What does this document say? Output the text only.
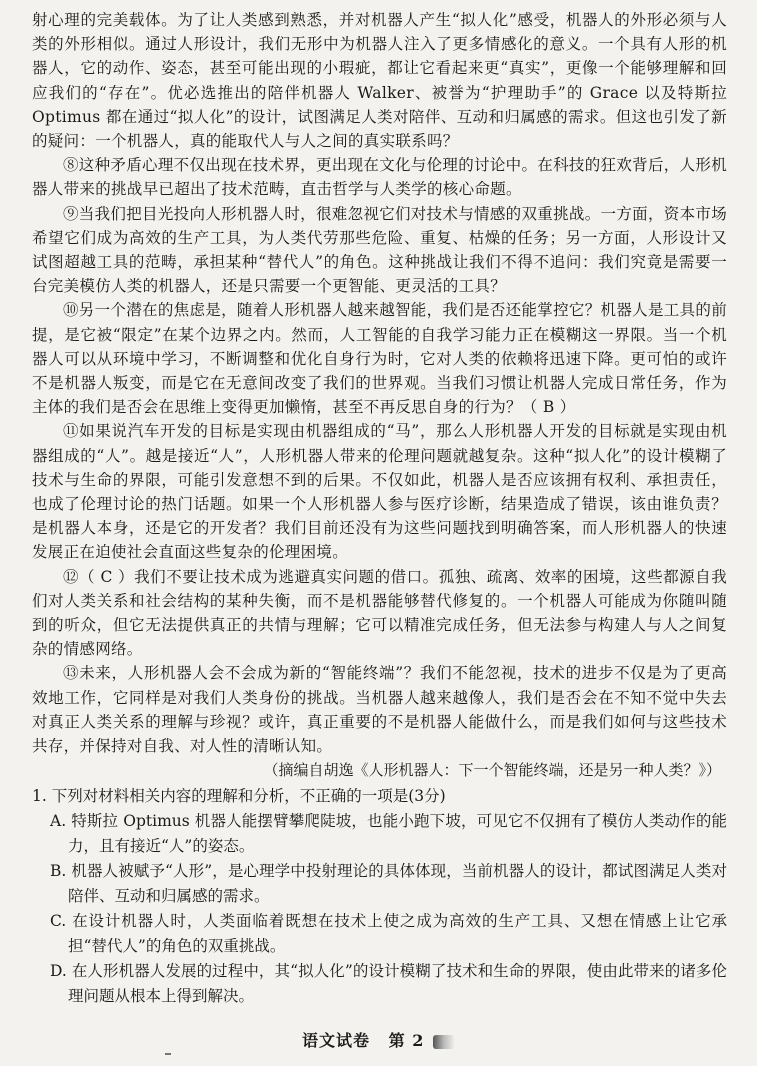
射心理的完美载体。为了让人类感到熟悉，并对机器人产生“拟人化”感受，机器人的外形必须与人类的外形相似。通过人形设计，我们无形中为机器人注入了更多情感化的意义。一个具有人形的机器人，它的动作、姿态，甚至可能出现的小瑕疵，都让它看起来更“真实”，更像一个能够理解和回应我们的“存在”。优必选推出的陪伴机器人 Walker、被誉为“护理助手”的 Grace 以及特斯拉 Optimus 都在通过“拟人化”的设计，试图满足人类对陪伴、互动和归属感的需求。但这也引发了新的疑问：一个机器人，真的能取代人与人之间的真实联系吗？

⑧这种矛盾心理不仅出现在技术界，更出现在文化与伦理的讨论中。在科技的狂欢背后，人形机器人带来的挑战早已超出了技术范畴，直击哲学与人类学的核心命题。

⑨当我们把目光投向人形机器人时，很难忽视它们对技术与情感的双重挑战。一方面，资本市场希望它们成为高效的生产工具，为人类代劳那些危险、重复、枯燥的任务；另一方面，人形设计又试图超越工具的范畴，承担某种“替代人”的角色。这种挑战让我们不得不追问：我们究竟是需要一台完美模仿人类的机器人，还是只需要一个更智能、更灵活的工具？

⑩另一个潜在的焦虑是，随着人形机器人越来越智能，我们是否还能掌控它？机器人是工具的前提，是它被“限定”在某个边界之内。然而，人工智能的自我学习能力正在模糊这一界限。当一个机器人可以从环境中学习，不断调整和优化自身行为时，它对人类的依赖将迅速下降。更可怕的或许不是机器人叛变，而是它在无意间改变了我们的世界观。当我们习惯让机器人完成日常任务，作为主体的我们是否会在思维上变得更加懒惰，甚至不再反思自身的行为？（ B ）

⑪如果说汽车开发的目标是实现由机器组成的“马”，那么人形机器人开发的目标就是实现由机器组成的“人”。越是接近“人”，人形机器人带来的伦理问题就越复杂。这种“拟人化”的设计模糊了技术与生命的界限，可能引发意想不到的后果。不仅如此，机器人是否应该拥有权利、承担责任，也成了伦理讨论的热门话题。如果一个人形机器人参与医疗诊断，结果造成了错误，该由谁负责？是机器人本身，还是它的开发者？我们目前还没有为这些问题找到明确答案，而人形机器人的快速发展正在迫使社会直面这些复杂的伦理困境。

⑫（ C ）我们不要让技术成为逃避真实问题的借口。孤独、疏离、效率的困境，这些都源自我们对人类关系和社会结构的某种失衡，而不是机器能够替代修复的。一个机器人可能成为你随叫随到的听众，但它无法提供真正的共情与理解；它可以精准完成任务，但无法参与构建人与人之间复杂的情感网络。

⑬未来，人形机器人会不会成为新的“智能终端”？我们不能忽视，技术的进步不仅是为了更高效地工作，它同样是对我们人类身份的挑战。当机器人越来越像人，我们是否会在不知不觉中失去对真正人类关系的理解与珍视？或许，真正重要的不是机器人能做什么，而是我们如何与这些技术共存，并保持对自我、对人性的清晰认知。

（摘编自胡逸《人形机器人：下一个智能终端，还是另一种人类？》）

1. 下列对材料相关内容的理解和分析，不正确的一项是(3分)

A. 特斯拉 Optimus 机器人能摆臂攀爬陡坡，也能小跑下坡，可见它不仅拥有了模仿人类动作的能力，且有接近“人”的姿态。

B. 机器人被赋予“人形”，是心理学中投射理论的具体体现，当前机器人的设计，都试图满足人类对陪伴、互动和归属感的需求。

C. 在设计机器人时，人类面临着既想在技术上使之成为高效的生产工具、又想在情感上让它承担“替代人”的角色的双重挑战。

D. 在人形机器人发展的过程中，其“拟人化”的设计模糊了技术和生命的界限，使由此带来的诸多伦理问题从根本上得到解决。

语文试卷 第 2
